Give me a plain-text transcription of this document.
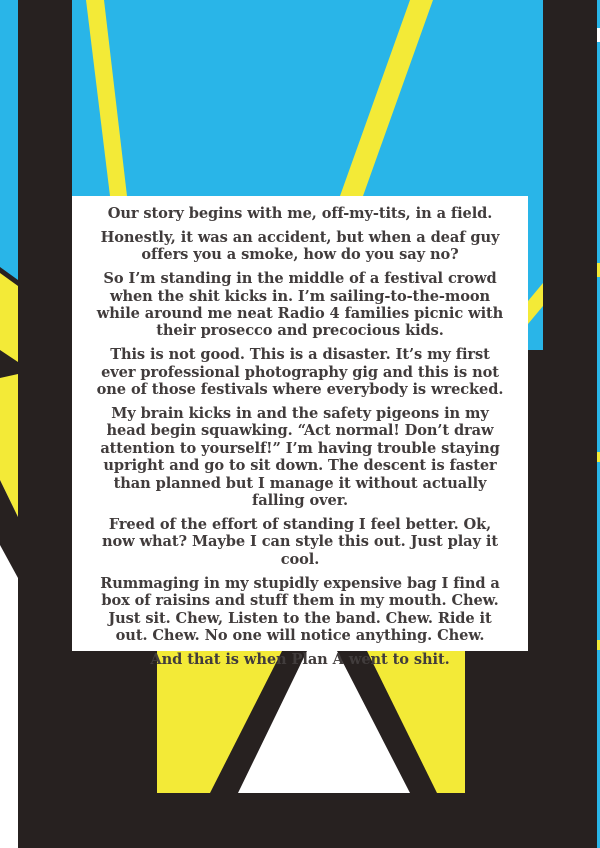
Our story begins with me, off-my-tits, in a field.

Honestly, it was an accident, but when a deaf guy offers you a smoke, how do you say no?

So I’m standing in the middle of a festival crowd when the shit kicks in. I’m sailing-to-the-moon while around me neat Radio 4 families picnic with their prosecco and precocious kids.

This is not good. This is a disaster. It’s my first ever professional photography gig and this is not one of those festivals where everybody is wrecked.

My brain kicks in and the safety pigeons in my head begin squawking. “Act normal! Don’t draw attention to yourself!” I’m having trouble staying upright and go to sit down. The descent is faster than planned but I manage it without actually falling over.

Freed of the effort of standing I feel better. Ok, now what? Maybe I can style this out. Just play it cool.

Rummaging in my stupidly expensive bag I find a box of raisins and stuff them in my mouth. Chew. Just sit. Chew, Listen to the band. Chew. Ride it out. Chew. No one will notice anything. Chew.

And that is when Plan A went to shit.
